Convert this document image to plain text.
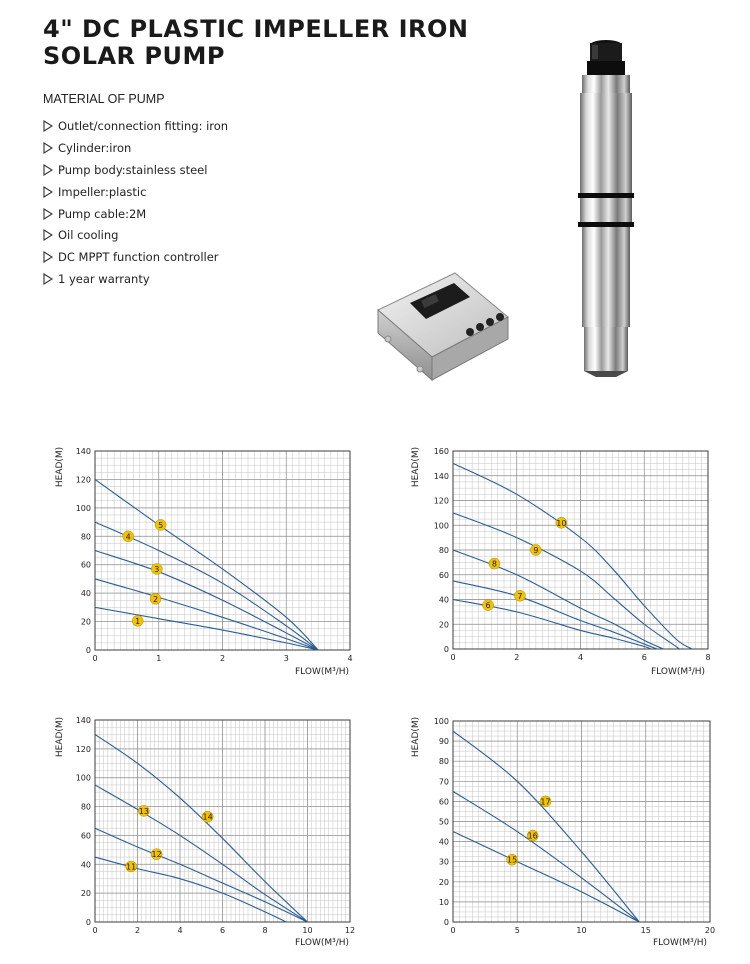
4" DC PLASTIC IMPELLER IRON
SOLAR PUMP
MATERIAL OF PUMP
Outlet/connection fitting: iron
Cylinder:iron
Pump body:stainless steel
Impeller:plastic
Pump cable:2M
Oil cooling
DC MPPT function controller
1 year warranty
0	1	2	3	4
0
20
40
60
80
100
120
140
1
2
3
4
5
FLOW(M³/H)
HEAD(M)
0	2	4	6	8
0
20
40
60
80
100
120
140
160
6
7
8
9
10
FLOW(M³/H)
HEAD(M)
0	2	4	6	8	10	12
0
20
40
60
80
100
120
140
11
12
13
14
FLOW(M³/H)
HEAD(M)
0	5	10	15	20
0
10
20
30
40
50
60
70
80
90
100
15
16
17
FLOW(M³/H)
HEAD(M)
